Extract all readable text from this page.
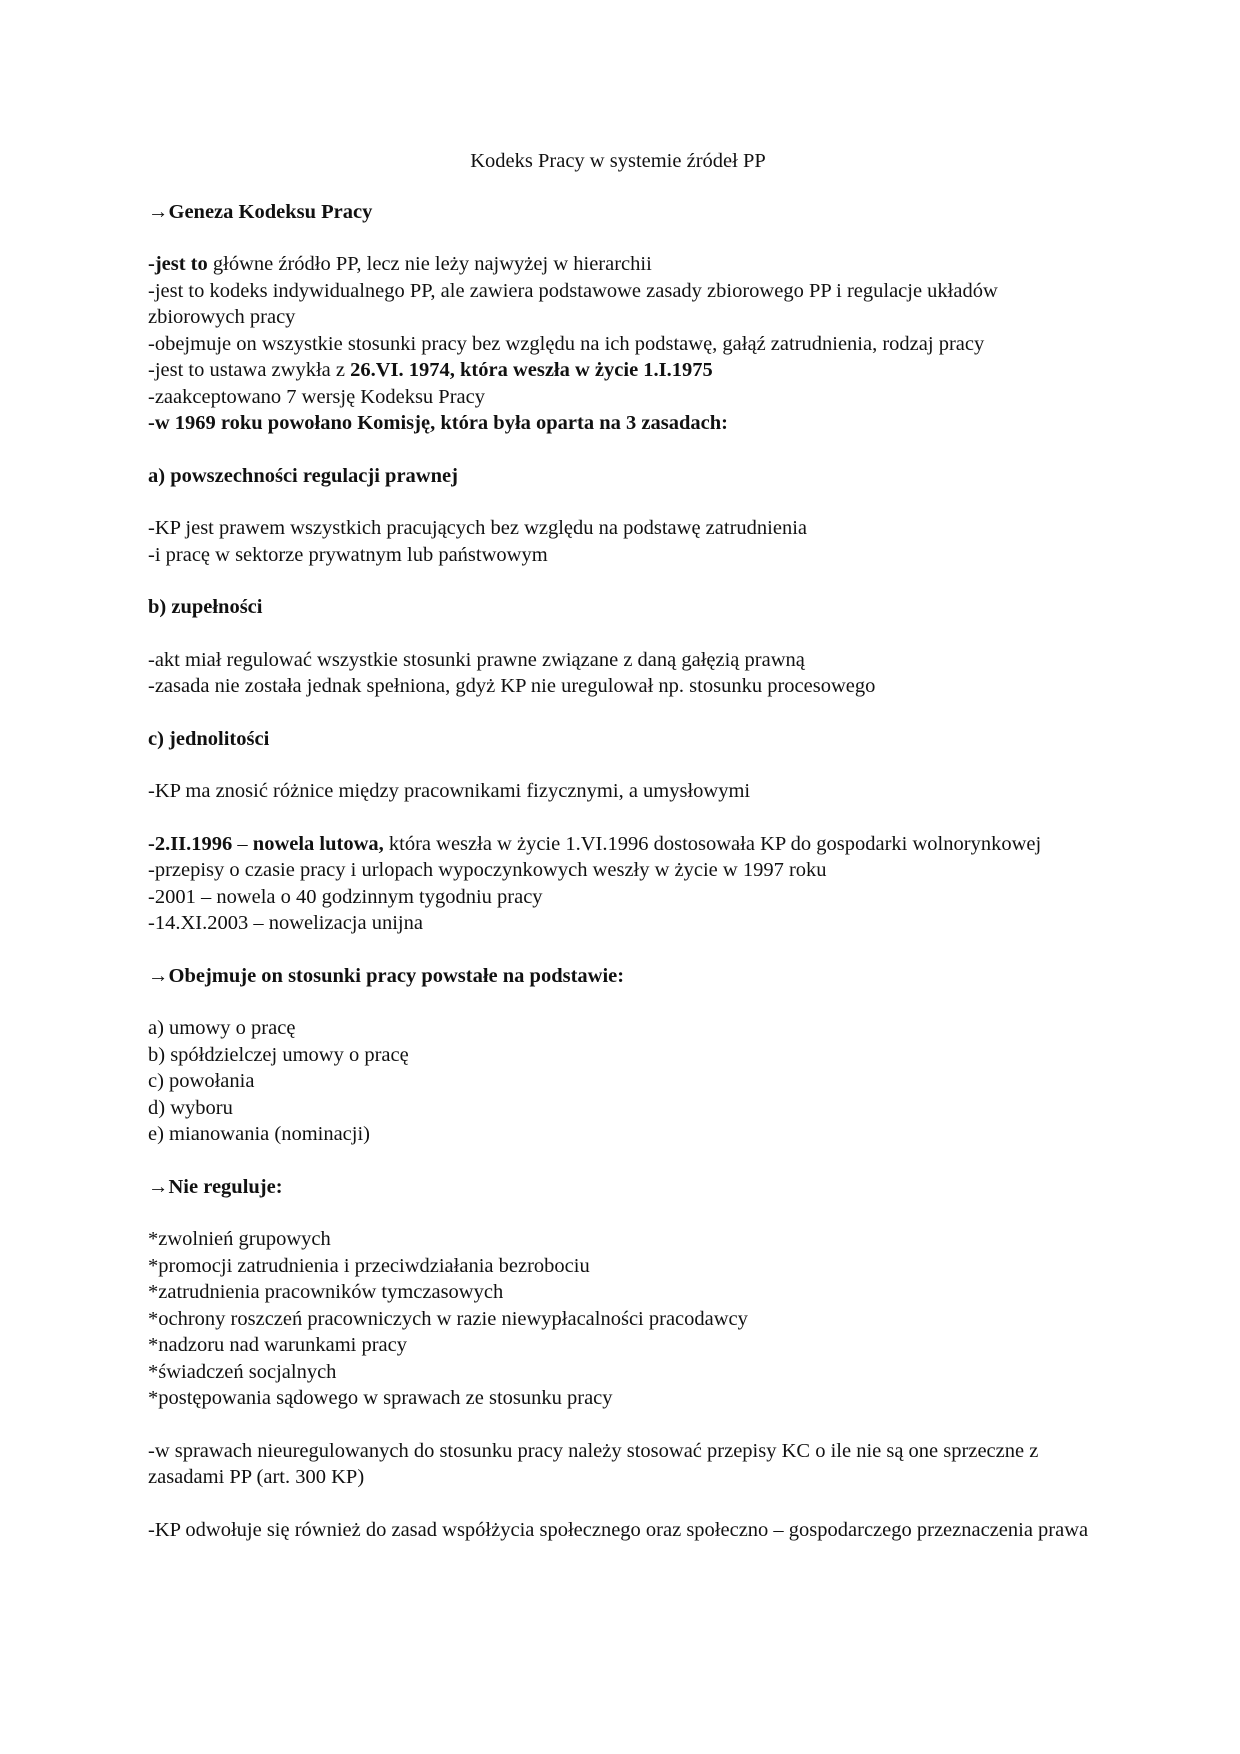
Kodeks Pracy w systemie źródeł PP

→Geneza Kodeksu Pracy

-jest to główne źródło PP, lecz nie leży najwyżej w hierarchii
-jest to kodeks indywidualnego PP, ale zawiera podstawowe zasady zbiorowego PP i regulacje układów zbiorowych pracy
-obejmuje on wszystkie stosunki pracy bez względu na ich podstawę, gałąź zatrudnienia, rodzaj pracy
-jest to ustawa zwykła z 26.VI. 1974, która weszła w życie 1.I.1975
-zaakceptowano 7 wersję Kodeksu Pracy
-w 1969 roku powołano Komisję, która była oparta na 3 zasadach:

a) powszechności regulacji prawnej

-KP jest prawem wszystkich pracujących bez względu na podstawę zatrudnienia
-i pracę w sektorze prywatnym lub państwowym

b) zupełności

-akt miał regulować wszystkie stosunki prawne związane z daną gałęzią prawną
-zasada nie została jednak spełniona, gdyż KP nie uregulował np. stosunku procesowego

c) jednolitości

-KP ma znosić różnice między pracownikami fizycznymi, a umysłowymi

-2.II.1996 – nowela lutowa, która weszła w życie 1.VI.1996 dostosowała KP do gospodarki wolnorynkowej
-przepisy o czasie pracy i urlopach wypoczynkowych weszły w życie w 1997 roku
-2001 – nowela o 40 godzinnym tygodniu pracy
-14.XI.2003 – nowelizacja unijna

→Obejmuje on stosunki pracy powstałe na podstawie:

a) umowy o pracę
b) spółdzielczej umowy o pracę
c) powołania
d) wyboru
e) mianowania (nominacji)

→Nie reguluje:

*zwolnień grupowych
*promocji zatrudnienia i przeciwdziałania bezrobociu
*zatrudnienia pracowników tymczasowych
*ochrony roszczeń pracowniczych w razie niewypłacalności pracodawcy
*nadzoru nad warunkami pracy
*świadczeń socjalnych
*postępowania sądowego w sprawach ze stosunku pracy

-w sprawach nieuregulowanych do stosunku pracy należy stosować przepisy KC o ile nie są one sprzeczne z zasadami PP (art. 300 KP)

-KP odwołuje się również do zasad współżycia społecznego oraz społeczno – gospodarczego przeznaczenia prawa
